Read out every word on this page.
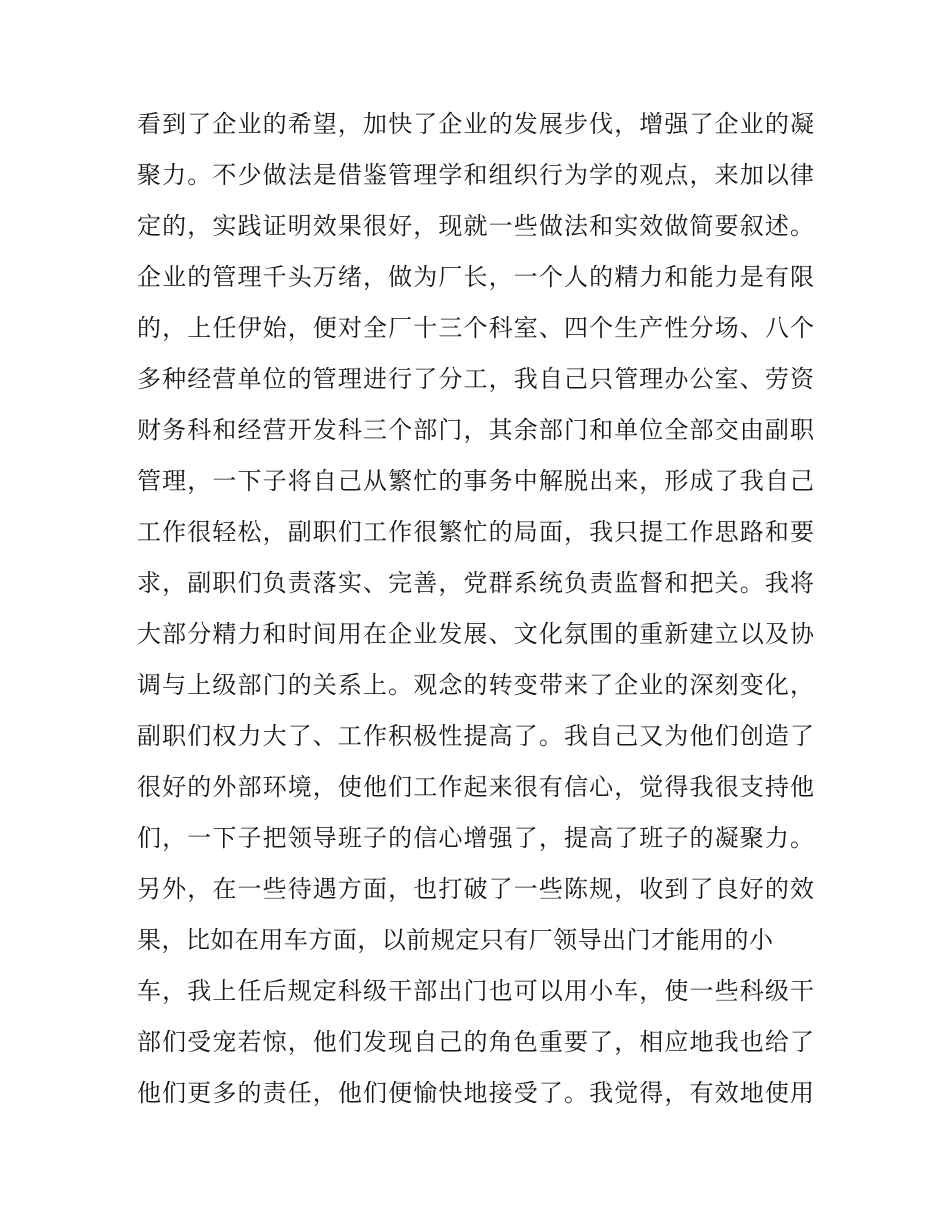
看到了企业的希望，加快了企业的发展步伐，增强了企业的凝
聚力。不少做法是借鉴管理学和组织行为学的观点，来加以律
定的，实践证明效果很好，现就一些做法和实效做简要叙述。
企业的管理千头万绪，做为厂长，一个人的精力和能力是有限
的，上任伊始，便对全厂十三个科室、四个生产性分场、八个
多种经营单位的管理进行了分工，我自己只管理办公室、劳资
财务科和经营开发科三个部门，其余部门和单位全部交由副职
管理，一下子将自己从繁忙的事务中解脱出来，形成了我自己
工作很轻松，副职们工作很繁忙的局面，我只提工作思路和要
求，副职们负责落实、完善，党群系统负责监督和把关。我将
大部分精力和时间用在企业发展、文化氛围的重新建立以及协
调与上级部门的关系上。观念的转变带来了企业的深刻变化，
副职们权力大了、工作积极性提高了。我自己又为他们创造了
很好的外部环境，使他们工作起来很有信心，觉得我很支持他
们，一下子把领导班子的信心增强了，提高了班子的凝聚力。
另外，在一些待遇方面，也打破了一些陈规，收到了良好的效
果，比如在用车方面，以前规定只有厂领导出门才能用的小
车，我上任后规定科级干部出门也可以用小车，使一些科级干
部们受宠若惊，他们发现自己的角色重要了，相应地我也给了
他们更多的责任，他们便愉快地接受了。我觉得，有效地使用
